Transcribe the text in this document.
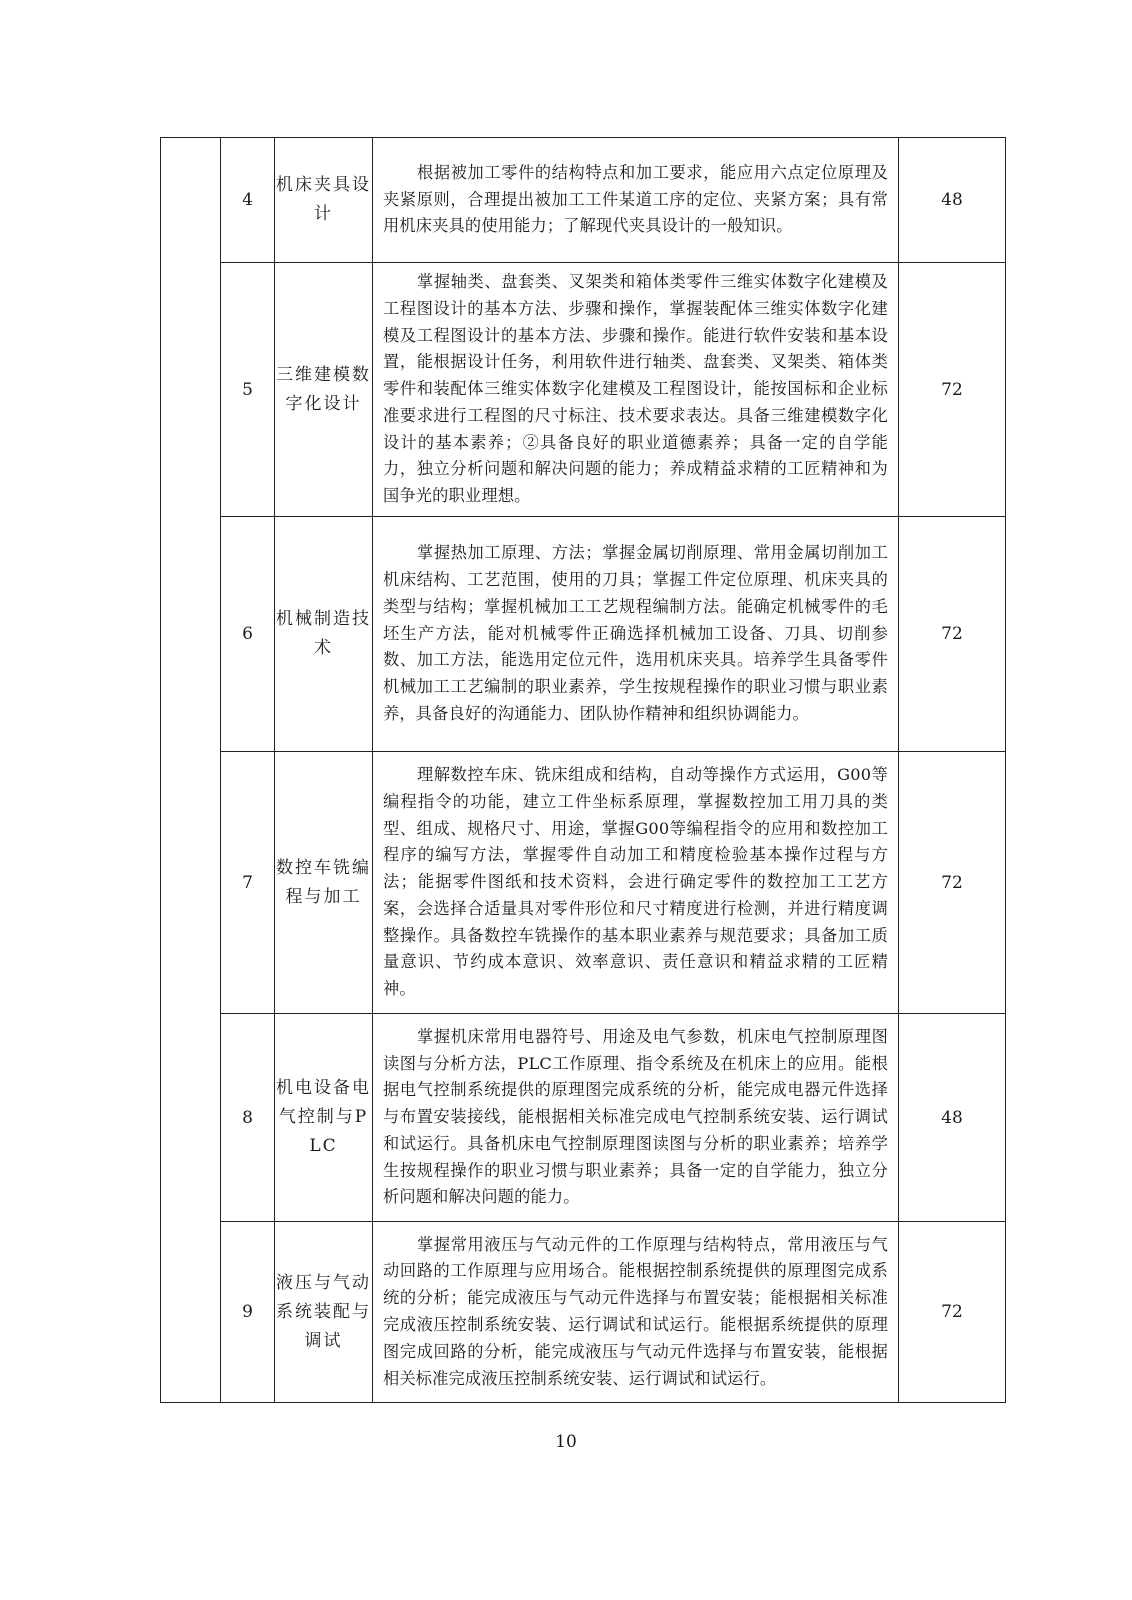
	4	机床夹具设计	根据被加工零件的结构特点和加工要求，能应用六点定位原理及夹紧原则，合理提出被加工工件某道工序的定位、夹紧方案；具有常用机床夹具的使用能力；了解现代夹具设计的一般知识。	48
	5	三维建模数字化设计	掌握轴类、盘套类、叉架类和箱体类零件三维实体数字化建模及工程图设计的基本方法、步骤和操作，掌握装配体三维实体数字化建模及工程图设计的基本方法、步骤和操作。能进行软件安装和基本设置，能根据设计任务，利用软件进行轴类、盘套类、叉架类、箱体类零件和装配体三维实体数字化建模及工程图设计，能按国标和企业标准要求进行工程图的尺寸标注、技术要求表达。具备三维建模数字化设计的基本素养；②具备良好的职业道德素养；具备一定的自学能力，独立分析问题和解决问题的能力；养成精益求精的工匠精神和为国争光的职业理想。	72
	6	机械制造技术	掌握热加工原理、方法；掌握金属切削原理、常用金属切削加工机床结构、工艺范围，使用的刀具；掌握工件定位原理、机床夹具的类型与结构；掌握机械加工工艺规程编制方法。能确定机械零件的毛坯生产方法，能对机械零件正确选择机械加工设备、刀具、切削参数、加工方法，能选用定位元件，选用机床夹具。培养学生具备零件机械加工工艺编制的职业素养，学生按规程操作的职业习惯与职业素养，具备良好的沟通能力、团队协作精神和组织协调能力。	72
	7	数控车铣编程与加工	理解数控车床、铣床组成和结构，自动等操作方式运用，G00等编程指令的功能，建立工件坐标系原理，掌握数控加工用刀具的类型、组成、规格尺寸、用途，掌握G00等编程指令的应用和数控加工程序的编写方法，掌握零件自动加工和精度检验基本操作过程与方法；能据零件图纸和技术资料，会进行确定零件的数控加工工艺方案，会选择合适量具对零件形位和尺寸精度进行检测，并进行精度调整操作。具备数控车铣操作的基本职业素养与规范要求；具备加工质量意识、节约成本意识、效率意识、责任意识和精益求精的工匠精神。	72
	8	机电设备电气控制与PLC	掌握机床常用电器符号、用途及电气参数，机床电气控制原理图读图与分析方法，PLC工作原理、指令系统及在机床上的应用。能根据电气控制系统提供的原理图完成系统的分析，能完成电器元件选择与布置安装接线，能根据相关标准完成电气控制系统安装、运行调试和试运行。具备机床电气控制原理图读图与分析的职业素养；培养学生按规程操作的职业习惯与职业素养；具备一定的自学能力，独立分析问题和解决问题的能力。	48
	9	液压与气动系统装配与调试	掌握常用液压与气动元件的工作原理与结构特点，常用液压与气动回路的工作原理与应用场合。能根据控制系统提供的原理图完成系统的分析；能完成液压与气动元件选择与布置安装；能根据相关标准完成液压控制系统安装、运行调试和试运行。能根据系统提供的原理图完成回路的分析，能完成液压与气动元件选择与布置安装，能根据相关标准完成液压控制系统安装、运行调试和试运行。	72
10
